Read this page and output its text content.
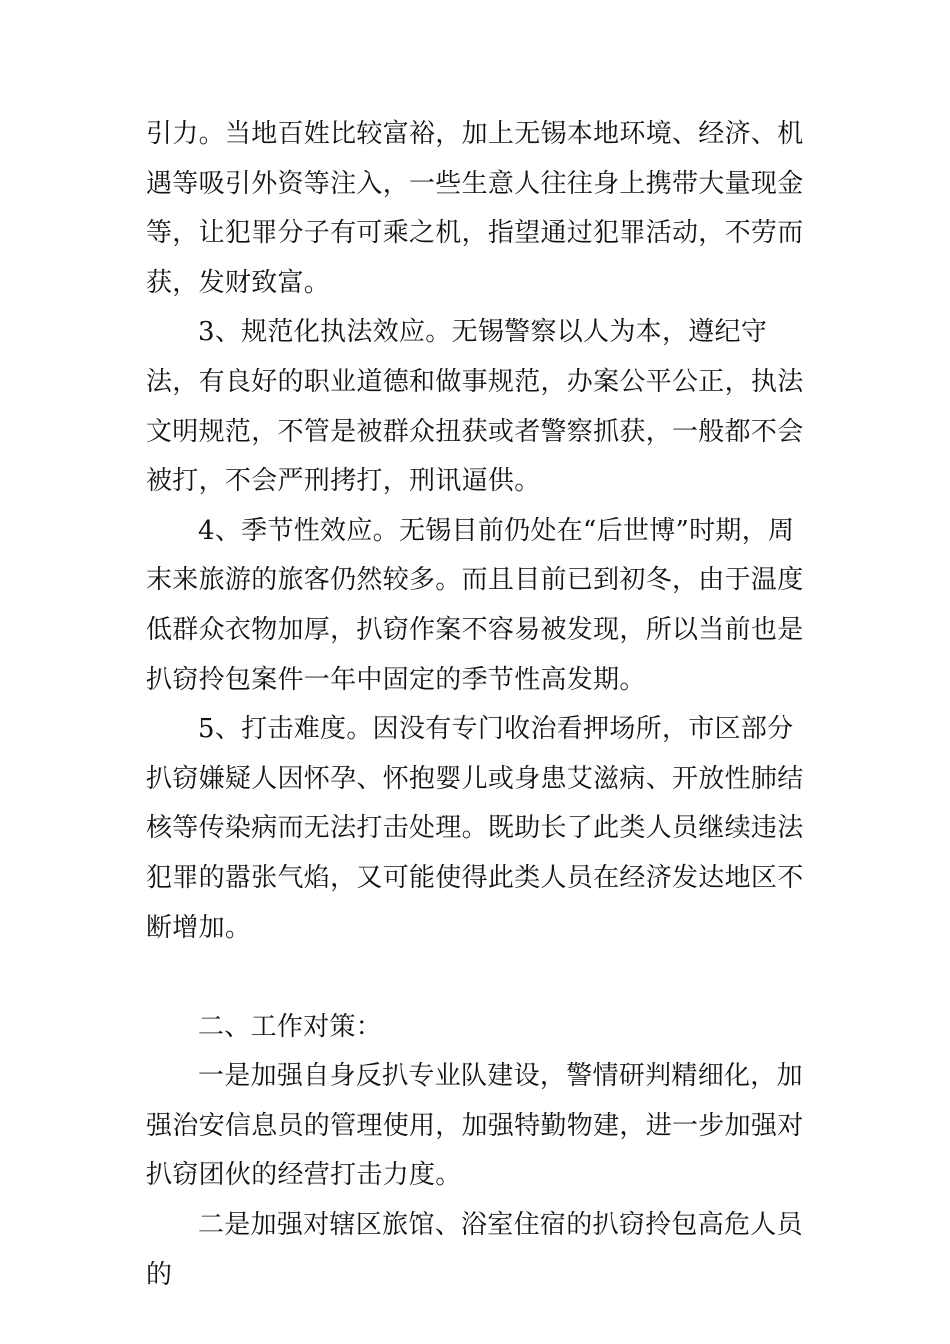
引力。当地百姓比较富裕，加上无锡本地环境、经济、机遇等吸引外资等注入，一些生意人往往身上携带大量现金等，让犯罪分子有可乘之机，指望通过犯罪活动，不劳而获，发财致富。

3、规范化执法效应。无锡警察以人为本，遵纪守法，有良好的职业道德和做事规范，办案公平公正，执法文明规范，不管是被群众扭获或者警察抓获，一般都不会被打，不会严刑拷打，刑讯逼供。

4、季节性效应。无锡目前仍处在“后世博”时期，周末来旅游的旅客仍然较多。而且目前已到初冬，由于温度低群众衣物加厚，扒窃作案不容易被发现，所以当前也是扒窃拎包案件一年中固定的季节性高发期。

5、打击难度。因没有专门收治看押场所，市区部分扒窃嫌疑人因怀孕、怀抱婴儿或身患艾滋病、开放性肺结核等传染病而无法打击处理。既助长了此类人员继续违法犯罪的嚣张气焰，又可能使得此类人员在经济发达地区不断增加。

二、工作对策：

一是加强自身反扒专业队建设，警情研判精细化，加强治安信息员的管理使用，加强特勤物建，进一步加强对扒窃团伙的经营打击力度。

二是加强对辖区旅馆、浴室住宿的扒窃拎包高危人员的
